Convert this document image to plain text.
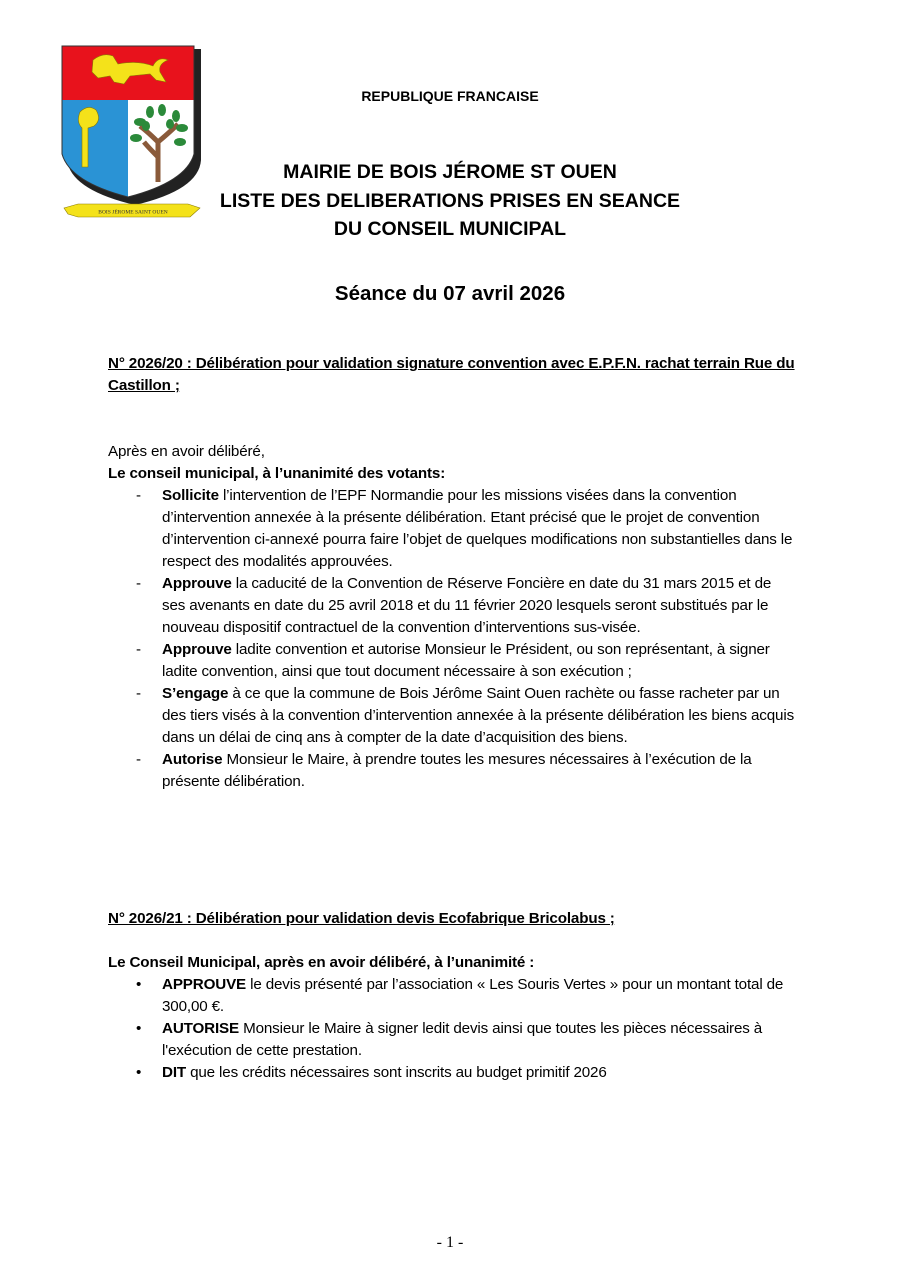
BOIS JÉROME SAINT OUEN
REPUBLIQUE FRANCAISE
MAIRIE DE BOIS JÉROME ST OUEN
LISTE DES DELIBERATIONS PRISES EN SEANCE
DU CONSEIL MUNICIPAL
Séance du 07 avril 2026
N° 2026/20 : Délibération pour validation signature convention avec E.P.F.N. rachat terrain Rue du Castillon ;
Après en avoir délibéré,
Le conseil municipal, à l’unanimité des votants:
- Sollicite l’intervention de l’EPF Normandie pour les missions visées dans la convention d’intervention annexée à la présente délibération. Etant précisé que le projet de convention d’intervention ci-annexé pourra faire l’objet de quelques modifications non substantielles dans le respect des modalités approuvées.
- Approuve la caducité de la Convention de Réserve Foncière en date du 31 mars 2015 et de ses avenants en date du 25 avril 2018 et du 11 février 2020 lesquels seront substitués par le nouveau dispositif contractuel de la convention d’interventions sus-visée.
- Approuve ladite convention et autorise Monsieur le Président, ou son représentant, à signer ladite convention, ainsi que tout document nécessaire à son exécution ;
- S’engage à ce que la commune de Bois Jérôme Saint Ouen rachète ou fasse racheter par un des tiers visés à la convention d’intervention annexée à la présente délibération les biens acquis dans un délai de cinq ans à compter de la date d’acquisition des biens.
- Autorise Monsieur le Maire, à prendre toutes les mesures nécessaires à l’exécution de la présente délibération.
N° 2026/21 : Délibération pour validation devis Ecofabrique Bricolabus ;
Le Conseil Municipal, après en avoir délibéré, à l’unanimité :
• APPROUVE le devis présenté par l’association « Les Souris Vertes » pour un montant total de 300,00 €.
• AUTORISE Monsieur le Maire à signer ledit devis ainsi que toutes les pièces nécessaires à l'exécution de cette prestation.
• DIT que les crédits nécessaires sont inscrits au budget primitif 2026
- 1 -
